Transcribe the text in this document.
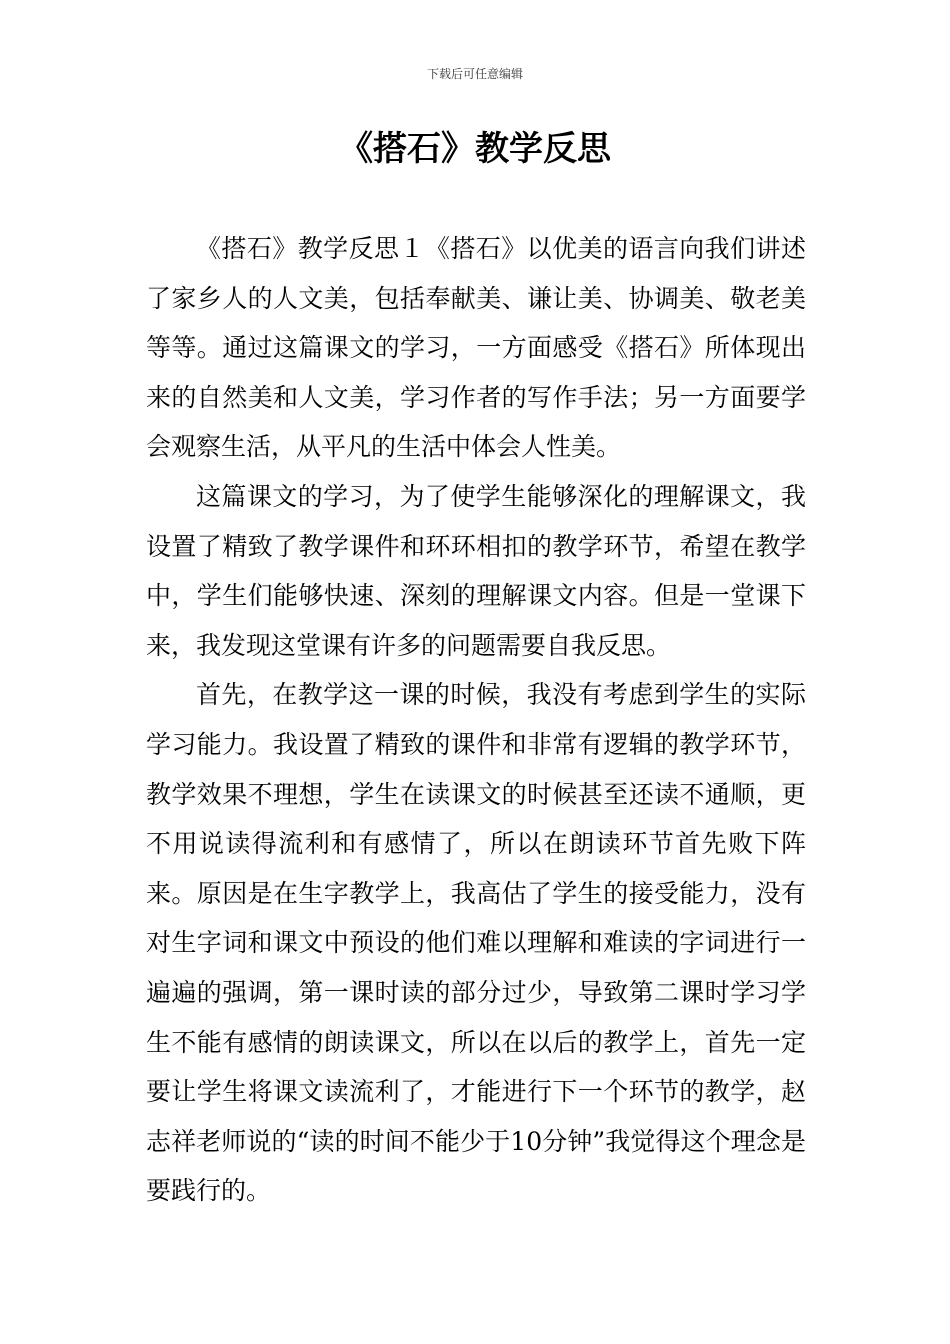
下载后可任意编辑
《搭石》教学反思

《搭石》教学反思１《搭石》以优美的语言向我们讲述了家乡人的人文美，包括奉献美、谦让美、协调美、敬老美等等。通过这篇课文的学习，一方面感受《搭石》所体现出来的自然美和人文美，学习作者的写作手法；另一方面要学会观察生活，从平凡的生活中体会人性美。

这篇课文的学习，为了使学生能够深化的理解课文，我设置了精致了教学课件和环环相扣的教学环节，希望在教学中，学生们能够快速、深刻的理解课文内容。但是一堂课下来，我发现这堂课有许多的问题需要自我反思。

首先，在教学这一课的时候，我没有考虑到学生的实际学习能力。我设置了精致的课件和非常有逻辑的教学环节，教学效果不理想，学生在读课文的时候甚至还读不通顺，更不用说读得流利和有感情了，所以在朗读环节首先败下阵来。原因是在生字教学上，我高估了学生的接受能力，没有对生字词和课文中预设的他们难以理解和难读的字词进行一遍遍的强调，第一课时读的部分过少，导致第二课时学习学生不能有感情的朗读课文，所以在以后的教学上，首先一定要让学生将课文读流利了，才能进行下一个环节的教学，赵志祥老师说的“读的时间不能少于10分钟”我觉得这个理念是要践行的。
